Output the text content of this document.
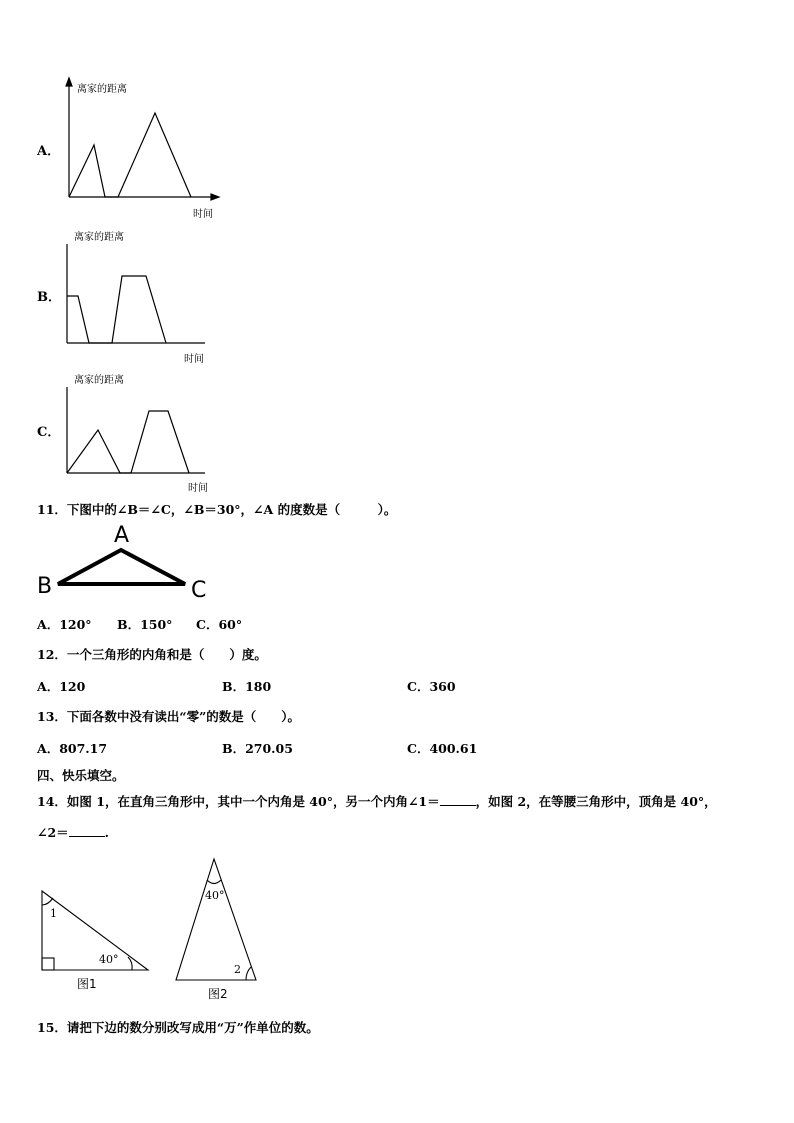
A．
离家的距离
时间
B．
离家的距离
时间
C．
离家的距离
时间
11．下图中的∠B＝∠C，∠B＝30°，∠A 的度数是（　　　）。
A
B	C
A．120° B．150° C．60°
12．一个三角形的内角和是（　　）度。
A．120	B．180	C．360
13．下面各数中没有读出“零”的数是（　　）。
A．807.17	B．270.05	C．400.61
四、快乐填空。
14．如图 1，在直角三角形中，其中一个内角是 40°，另一个内角∠1＝	，如图 2，在等腰三角形中，顶角是 40°，
∠2＝	.
1
40°
图1
40°
2
图2
15．请把下边的数分别改写成用“万”作单位的数。
